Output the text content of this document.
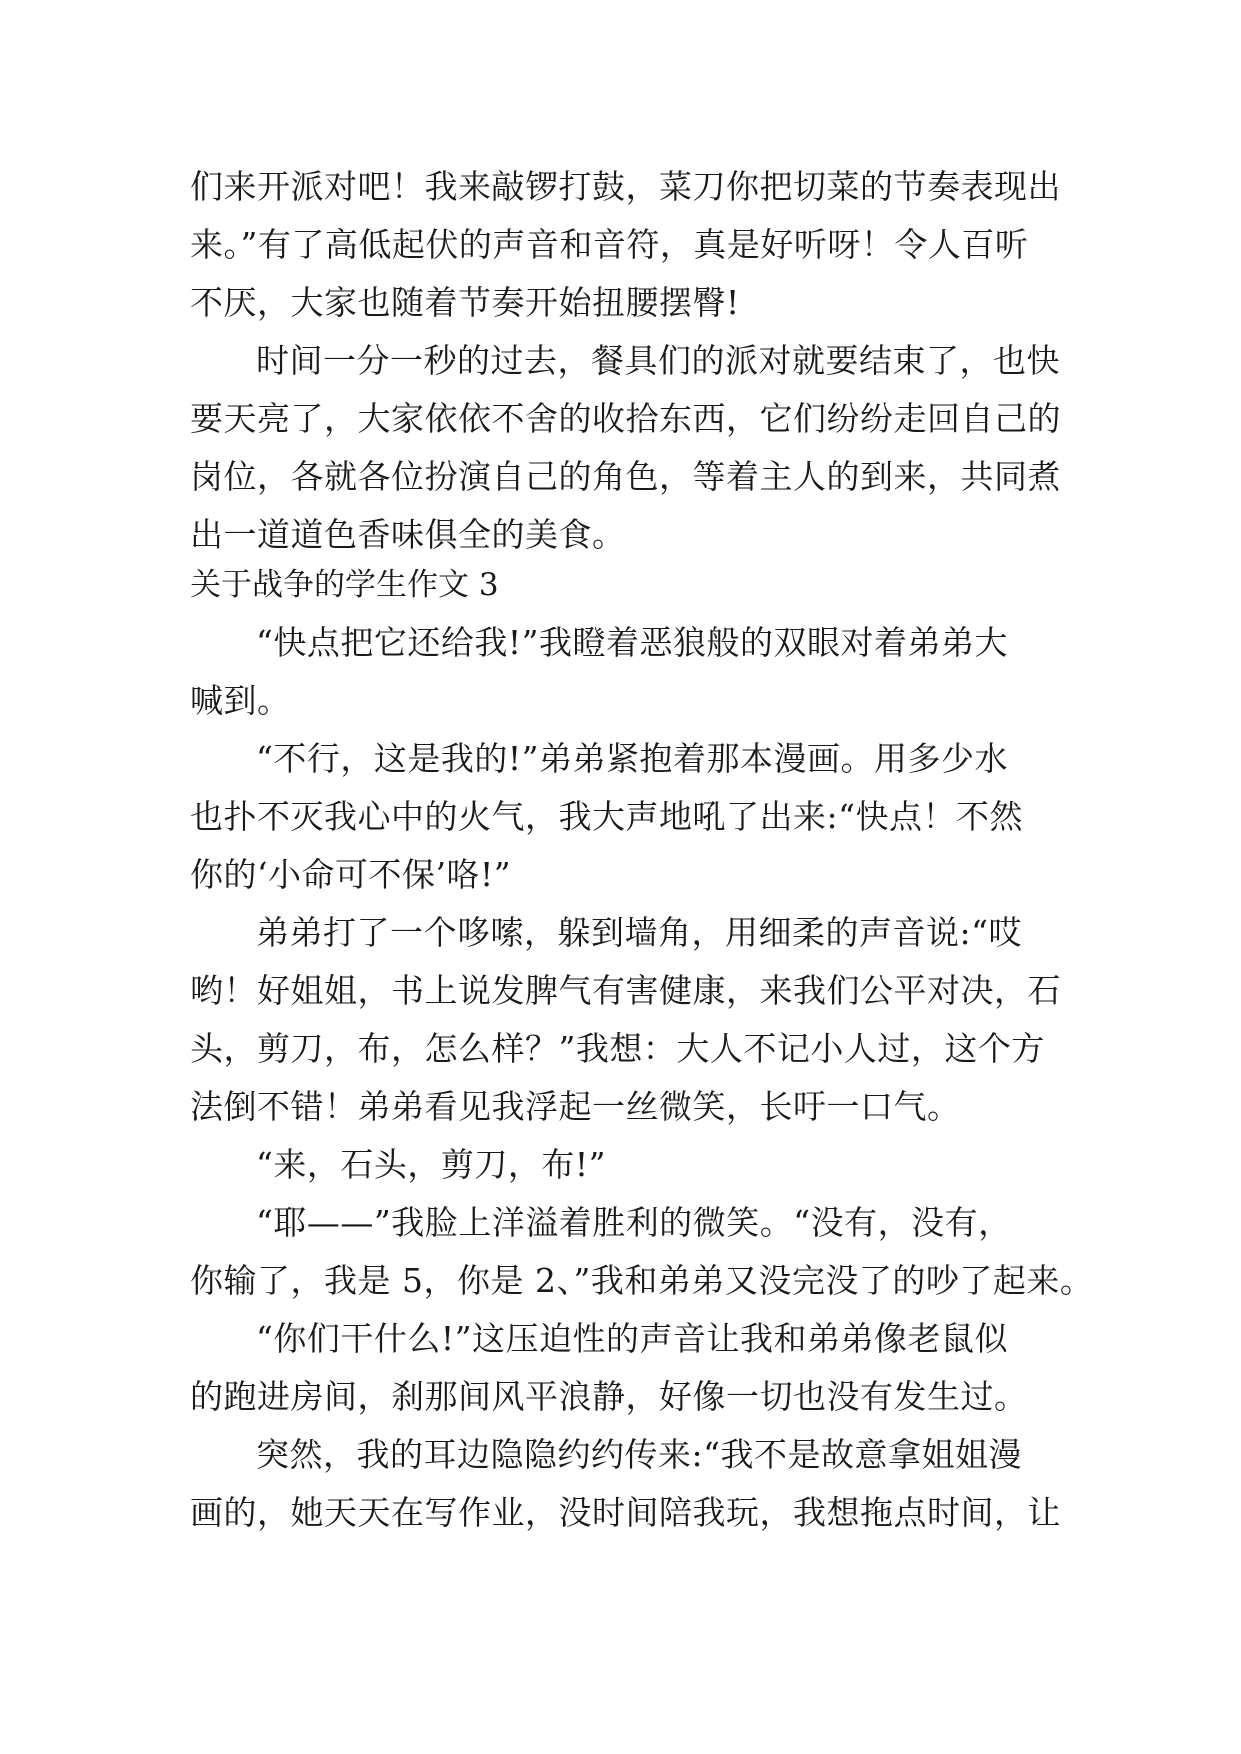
们来开派对吧！我来敲锣打鼓，菜刀你把切菜的节奏表现出
来。”有了高低起伏的声音和音符，真是好听呀！令人百听
不厌，大家也随着节奏开始扭腰摆臀!
时间一分一秒的过去，餐具们的派对就要结束了，也快
要天亮了，大家依依不舍的收拾东西，它们纷纷走回自己的
岗位，各就各位扮演自己的角色，等着主人的到来，共同煮
出一道道色香味俱全的美食。
关于战争的学生作文 3
“快点把它还给我!”我瞪着恶狼般的双眼对着弟弟大
喊到。
“不行，这是我的!”弟弟紧抱着那本漫画。用多少水
也扑不灭我心中的火气，我大声地吼了出来:“快点！不然
你的‘小命可不保’咯!”
弟弟打了一个哆嗦，躲到墙角，用细柔的声音说:“哎
哟！好姐姐，书上说发脾气有害健康，来我们公平对决，石
头，剪刀，布，怎么样？”我想：大人不记小人过，这个方
法倒不错！弟弟看见我浮起一丝微笑，长吁一口气。
“来，石头，剪刀，布!”
“耶——”我脸上洋溢着胜利的微笑。“没有，没有，
你输了，我是 5，你是 2、”我和弟弟又没完没了的吵了起来。
“你们干什么!”这压迫性的声音让我和弟弟像老鼠似
的跑进房间，刹那间风平浪静，好像一切也没有发生过。
突然，我的耳边隐隐约约传来:“我不是故意拿姐姐漫
画的，她天天在写作业，没时间陪我玩，我想拖点时间，让
